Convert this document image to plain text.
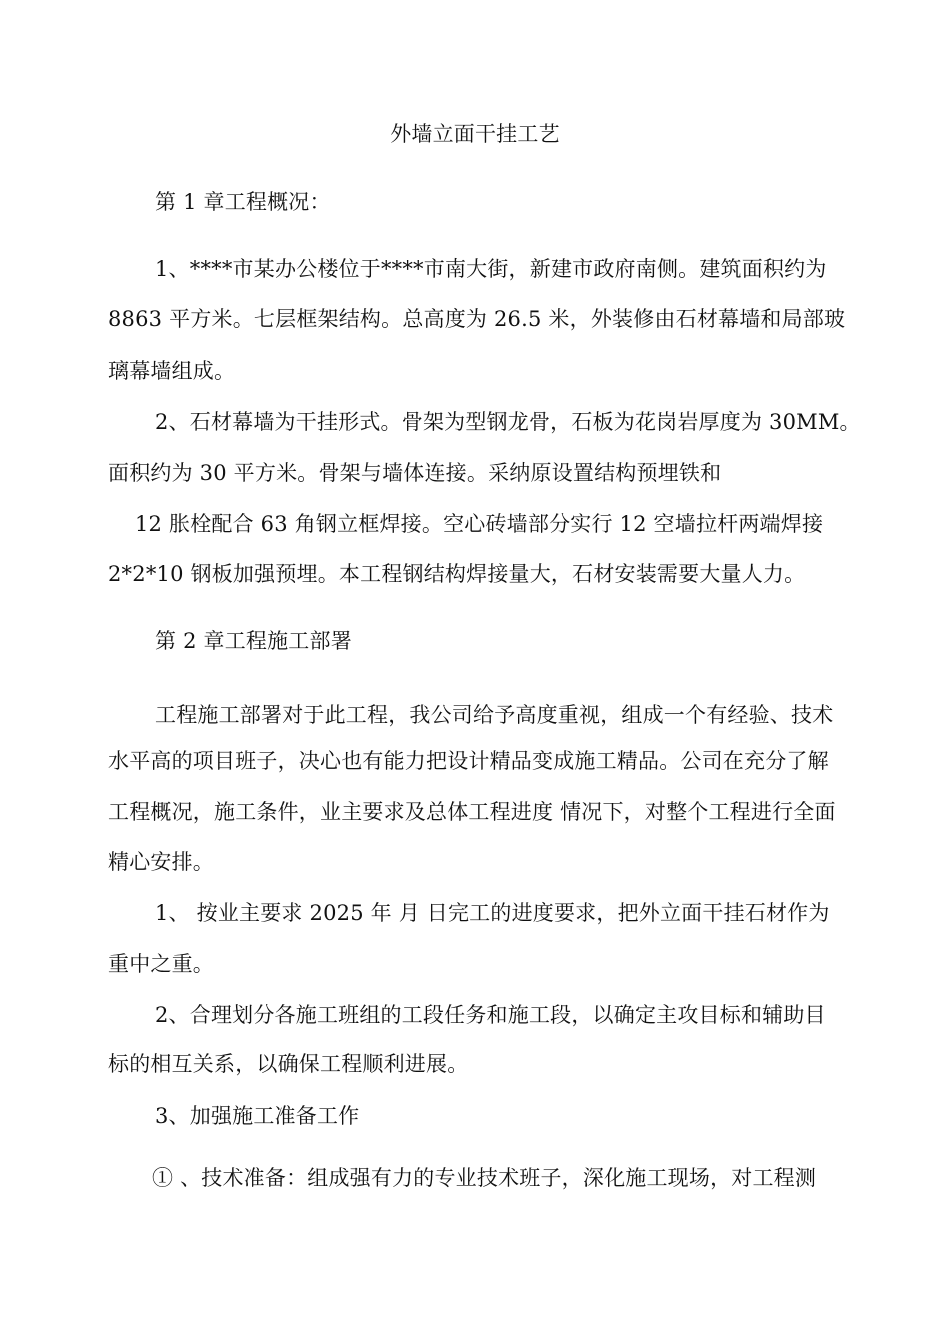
外墙立面干挂工艺
第 1 章工程概况：
1、****市某办公楼位于****市南大街，新建市政府南侧。建筑面积约为
8863 平方米。七层框架结构。总高度为 26.5 米，外装修由石材幕墙和局部玻
璃幕墙组成。
2、石材幕墙为干挂形式。骨架为型钢龙骨，石板为花岗岩厚度为 30MM。
面积约为 30 平方米。骨架与墙体连接。采纳原设置结构预埋铁和
12 胀栓配合 63 角钢立框焊接。空心砖墙部分实行 12 空墙拉杆两端焊接
2*2*10 钢板加强预埋。本工程钢结构焊接量大，石材安装需要大量人力。
第 2 章工程施工部署
工程施工部署对于此工程，我公司给予高度重视，组成一个有经验、技术
水平高的项目班子，决心也有能力把设计精品变成施工精品。公司在充分了解
工程概况，施工条件，业主要求及总体工程进度 情况下，对整个工程进行全面
精心安排。
1、 按业主要求 2025 年 月 日完工的进度要求，把外立面干挂石材作为
重中之重。
2、合理划分各施工班组的工段任务和施工段，以确定主攻目标和辅助目
标的相互关系，以确保工程顺利进展。
3、加强施工准备工作
① 、技术准备：组成强有力的专业技术班子，深化施工现场，对工程测
